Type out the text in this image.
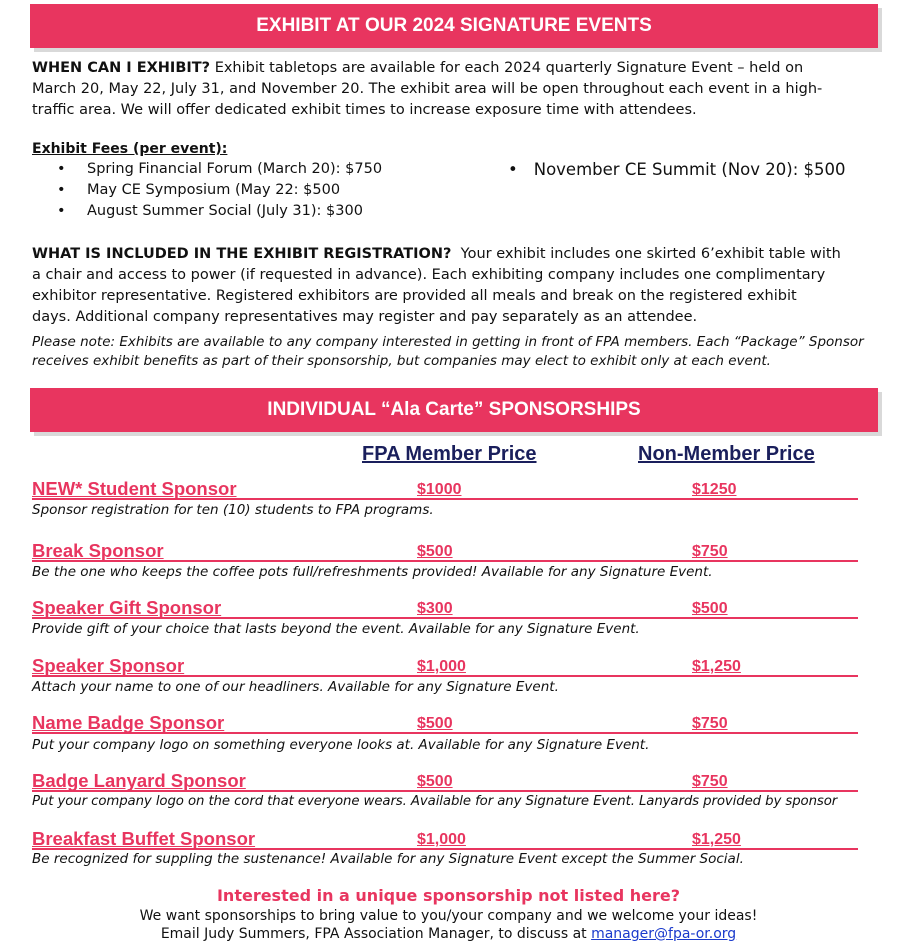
EXHIBIT AT OUR 2024 SIGNATURE EVENTS
WHEN CAN I EXHIBIT? Exhibit tabletops are available for each 2024 quarterly Signature Event – held on
March 20, May 22, July 31, and November 20. The exhibit area will be open throughout each event in a high-
traffic area. We will offer dedicated exhibit times to increase exposure time with attendees.
Exhibit Fees (per event):
• Spring Financial Forum (March 20): $750
• May CE Symposium (May 22: $500
• August Summer Social (July 31): $300
• November CE Summit (Nov 20): $500
WHAT IS INCLUDED IN THE EXHIBIT REGISTRATION? Your exhibit includes one skirted 6’exhibit table with
a chair and access to power (if requested in advance). Each exhibiting company includes one complimentary
exhibitor representative. Registered exhibitors are provided all meals and break on the registered exhibit
days. Additional company representatives may register and pay separately as an attendee.
Please note: Exhibits are available to any company interested in getting in front of FPA members. Each “Package” Sponsor
receives exhibit benefits as part of their sponsorship, but companies may elect to exhibit only at each event.
INDIVIDUAL “Ala Carte” SPONSORSHIPS
FPA Member Price	Non-Member Price
NEW* Student Sponsor	$1000	$1250
Sponsor registration for ten (10) students to FPA programs.
Break Sponsor	$500	$750
Be the one who keeps the coffee pots full/refreshments provided! Available for any Signature Event.
Speaker Gift Sponsor	$300	$500
Provide gift of your choice that lasts beyond the event. Available for any Signature Event.
Speaker Sponsor	$1,000	$1,250
Attach your name to one of our headliners. Available for any Signature Event.
Name Badge Sponsor	$500	$750
Put your company logo on something everyone looks at. Available for any Signature Event.
Badge Lanyard Sponsor	$500	$750
Put your company logo on the cord that everyone wears. Available for any Signature Event. Lanyards provided by sponsor
Breakfast Buffet Sponsor	$1,000	$1,250
Be recognized for suppling the sustenance! Available for any Signature Event except the Summer Social.
Interested in a unique sponsorship not listed here?
We want sponsorships to bring value to you/your company and we welcome your ideas!
Email Judy Summers, FPA Association Manager, to discuss at manager@fpa-or.org
